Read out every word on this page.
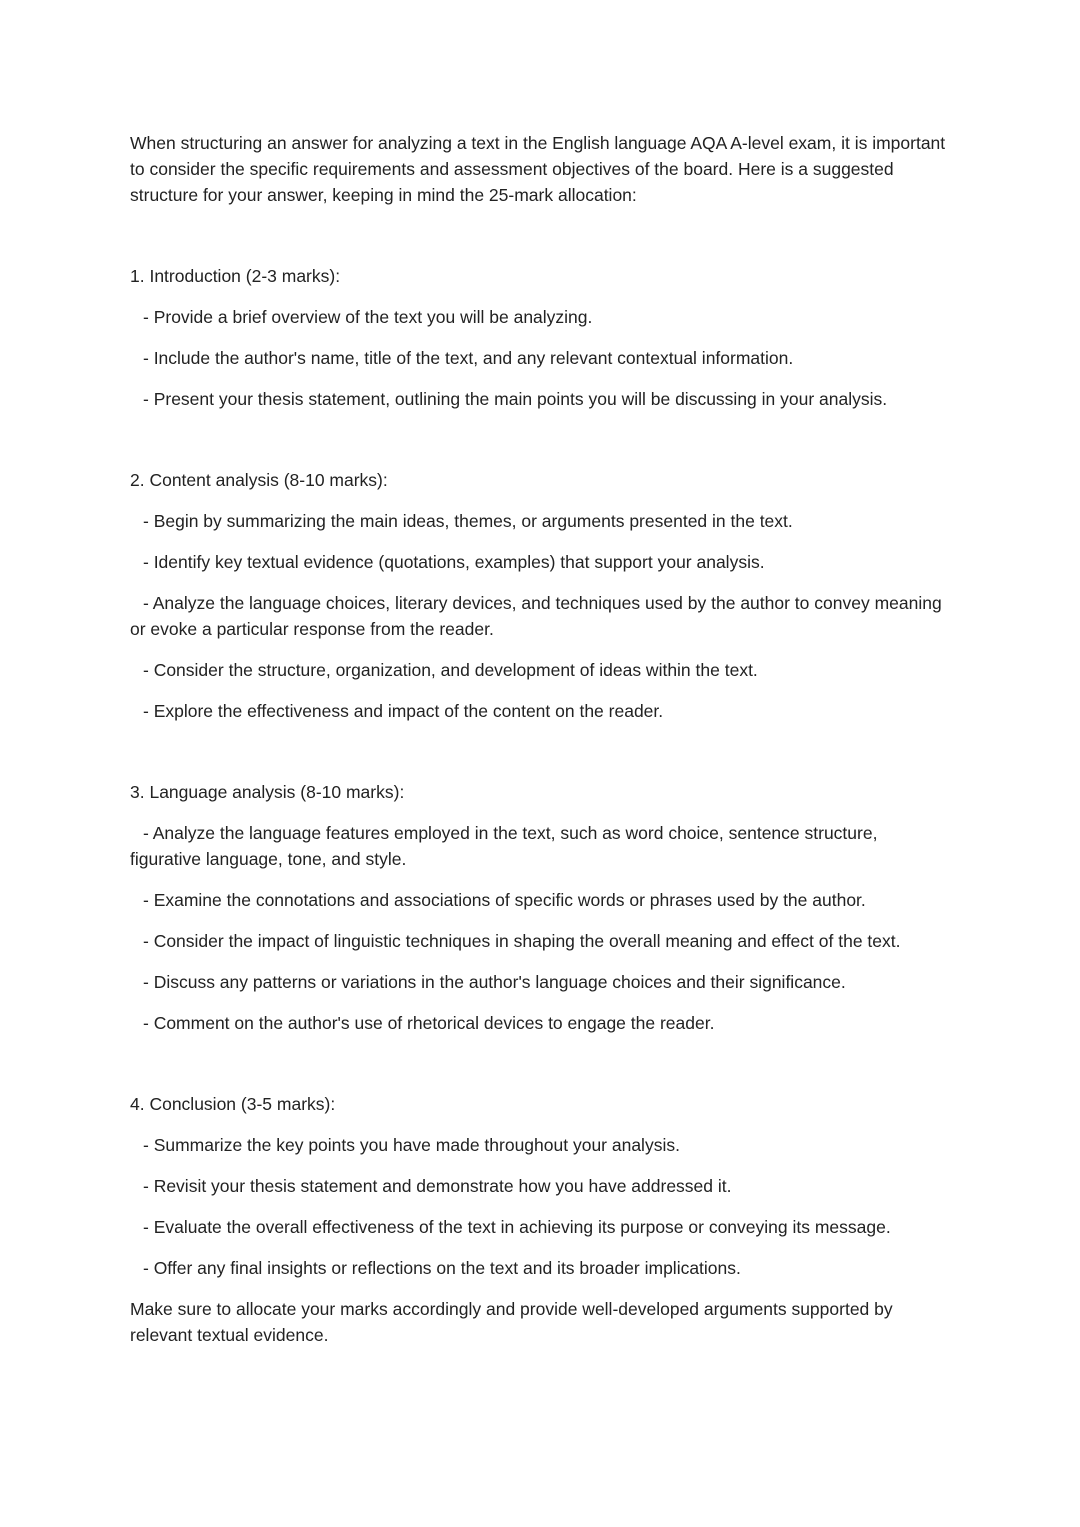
When structuring an answer for analyzing a text in the English language AQA A-level exam, it is important to consider the specific requirements and assessment objectives of the board. Here is a suggested structure for your answer, keeping in mind the 25-mark allocation:

1. Introduction (2-3 marks):

- Provide a brief overview of the text you will be analyzing.

- Include the author's name, title of the text, and any relevant contextual information.

- Present your thesis statement, outlining the main points you will be discussing in your analysis.

2. Content analysis (8-10 marks):

- Begin by summarizing the main ideas, themes, or arguments presented in the text.

- Identify key textual evidence (quotations, examples) that support your analysis.

- Analyze the language choices, literary devices, and techniques used by the author to convey meaning or evoke a particular response from the reader.

- Consider the structure, organization, and development of ideas within the text.

- Explore the effectiveness and impact of the content on the reader.

3. Language analysis (8-10 marks):

- Analyze the language features employed in the text, such as word choice, sentence structure, figurative language, tone, and style.

- Examine the connotations and associations of specific words or phrases used by the author.

- Consider the impact of linguistic techniques in shaping the overall meaning and effect of the text.

- Discuss any patterns or variations in the author's language choices and their significance.

- Comment on the author's use of rhetorical devices to engage the reader.

4. Conclusion (3-5 marks):

- Summarize the key points you have made throughout your analysis.

- Revisit your thesis statement and demonstrate how you have addressed it.

- Evaluate the overall effectiveness of the text in achieving its purpose or conveying its message.

- Offer any final insights or reflections on the text and its broader implications.

Make sure to allocate your marks accordingly and provide well-developed arguments supported by relevant textual evidence.
